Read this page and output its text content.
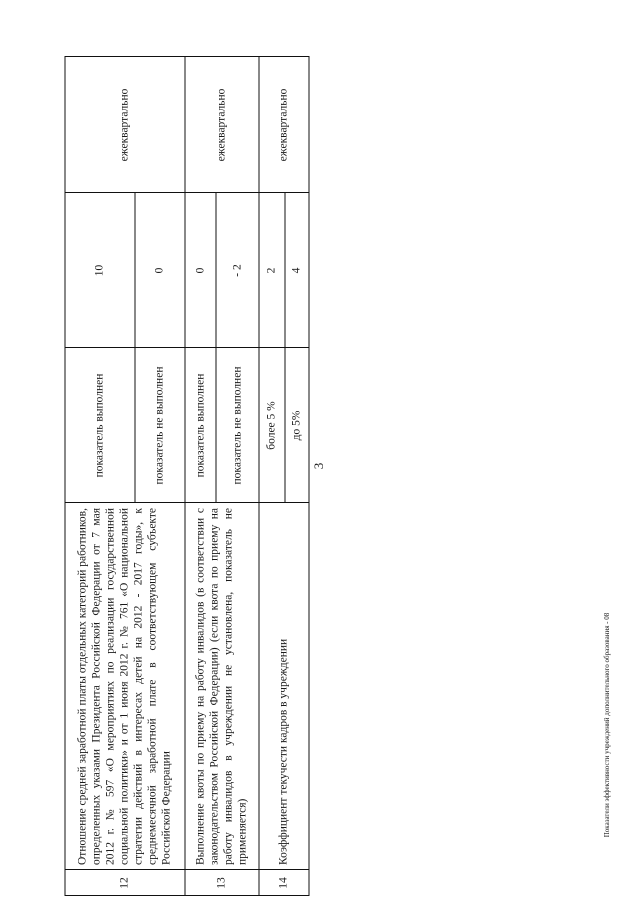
3
12
Отношение средней заработной платы отдельных категорий работников, определенных указами Президента Российской Федерации от 7 мая 2012 г. № 597 «О мероприятиях по реализации государственной социальной политики» и от 1 июня 2012 г. № 761 «О национальной стратегии действий в интересах детей на 2012 - 2017 годы», к среднемесячной заработной плате в соответствующем субъекте Российской Федерации
показатель выполнен
10
показатель не выполнен
0
ежеквартально
13
Выполнение квоты по приему на работу инвалидов (в соответствии с законодательством Российской Федерации) (если квота по приему на работу инвалидов в учреждении не установлена, показатель не применяется)
показатель выполнен
0
показатель не выполнен
- 2
ежеквартально
14
Коэффициент текучести кадров в учреждении
более 5 %
2
до 5%
4
ежеквартально
Показатели эффективности учреждений дополнительного образования - 08
